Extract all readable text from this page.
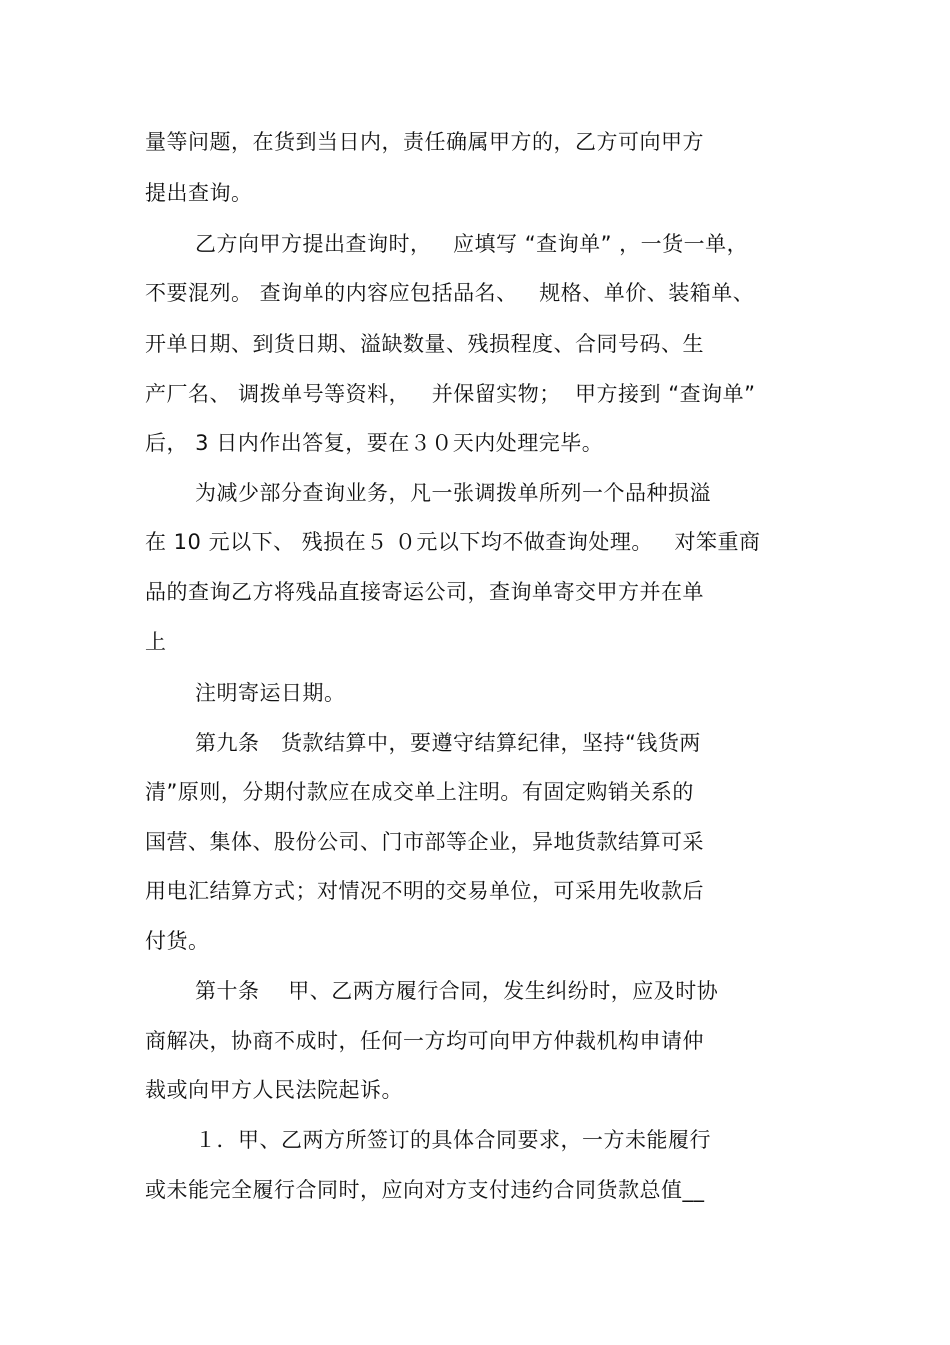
量等问题，在货到当日内，责任确属甲方的，乙方可向甲方
提出查询。
乙方向甲方提出查询时，   应填写 “查询单” ，一货一单，
不要混列。 查询单的内容应包括品名、   规格、单价、装箱单、
开单日期、到货日期、溢缺数量、残损程度、合同号码、生
产厂名、 调拨单号等资料，   并保留实物；  甲方接到 “查询单”
后， 3 日内作出答复，要在３０天内处理完毕。
为减少部分查询业务，凡一张调拨单所列一个品种损溢
在 10 元以下、 残损在５ ０元以下均不做查询处理。   对笨重商
品的查询乙方将残品直接寄运公司，查询单寄交甲方并在单
上
注明寄运日期。
第九条   货款结算中，要遵守结算纪律，坚持“钱货两
清”原则，分期付款应在成交单上注明。有固定购销关系的
国营、集体、股份公司、门市部等企业，异地货款结算可采
用电汇结算方式；对情况不明的交易单位，可采用先收款后
付货。
第十条    甲、乙两方履行合同，发生纠纷时，应及时协
商解决，协商不成时，任何一方均可向甲方仲裁机构申请仲
裁或向甲方人民法院起诉。
１．甲、乙两方所签订的具体合同要求，一方未能履行
或未能完全履行合同时，应向对方支付违约合同货款总值__
